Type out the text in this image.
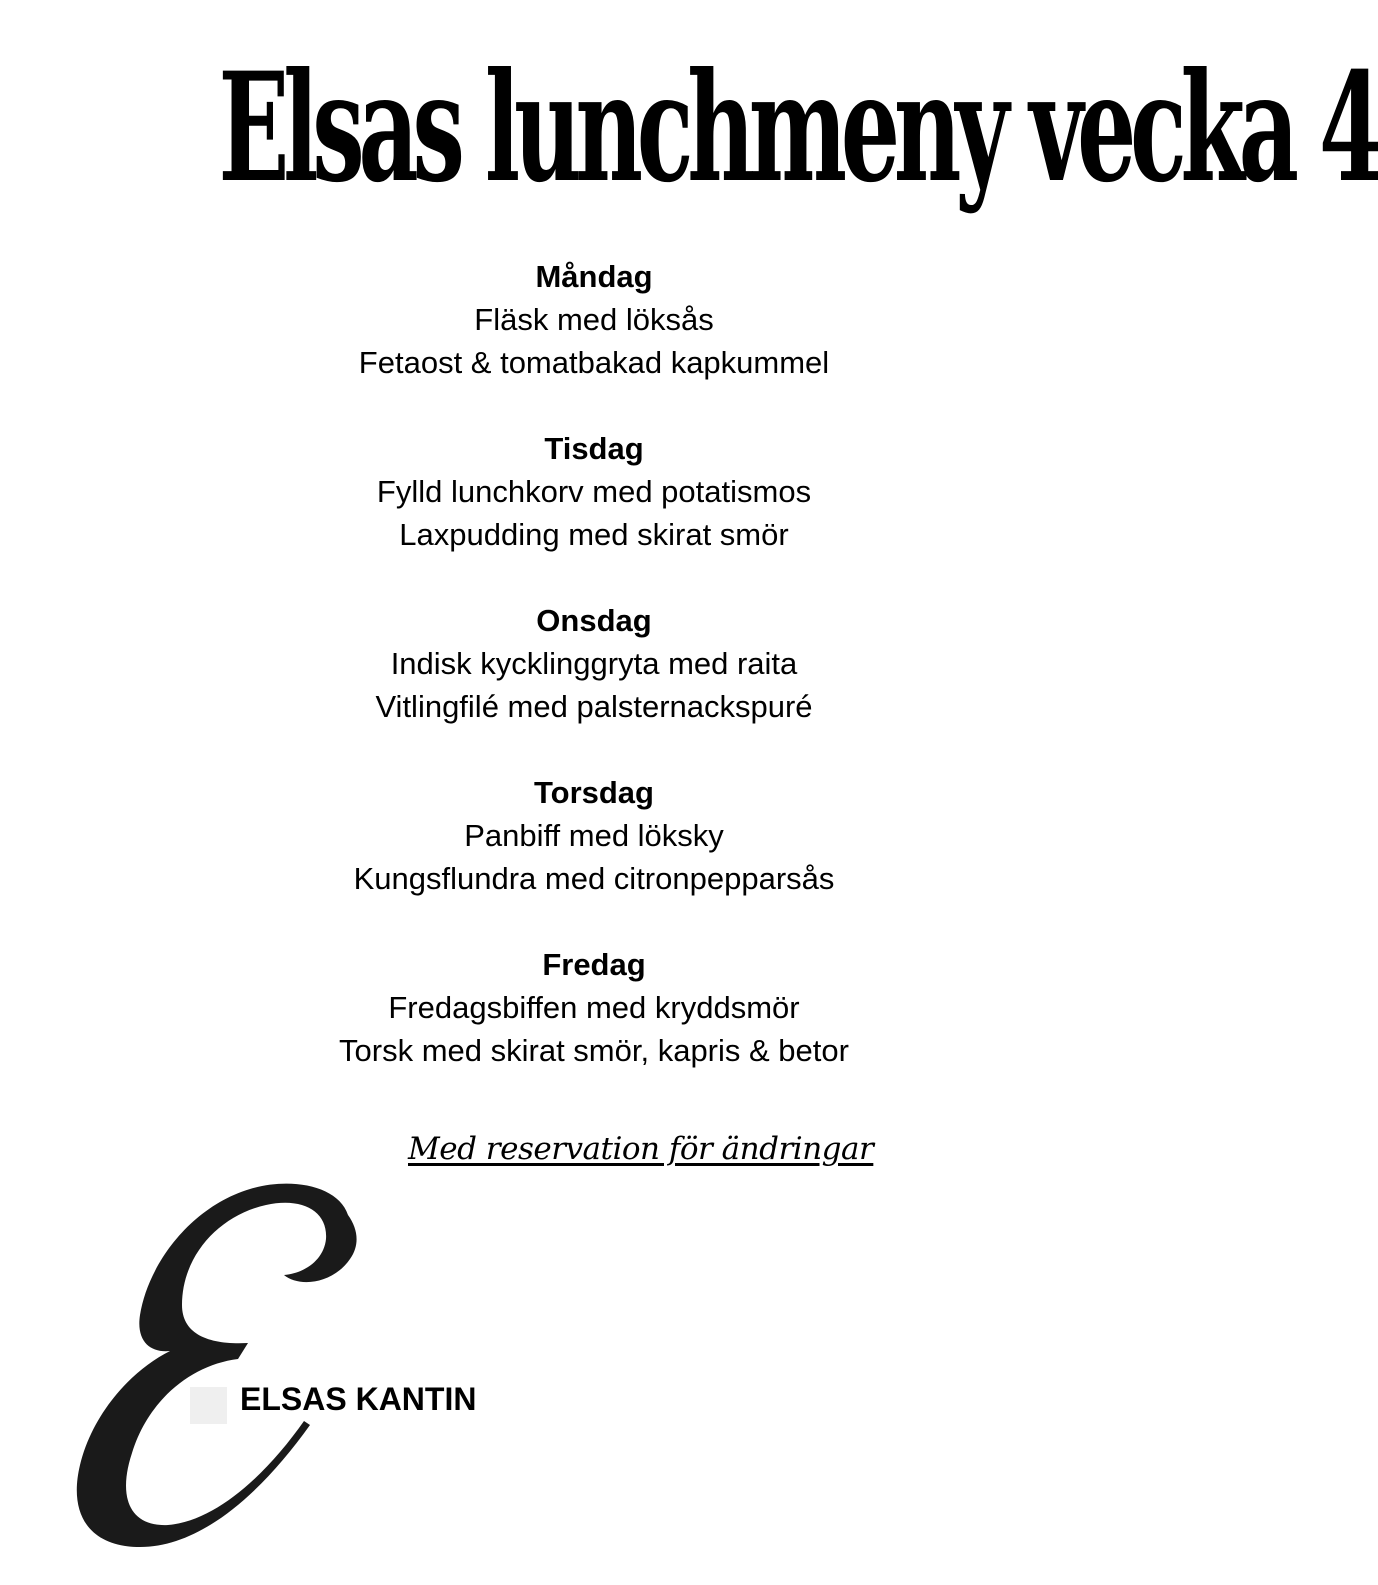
Elsas lunchmeny vecka 4
Måndag
Fläsk med löksås
Fetaost & tomatbakad kapkummel
Tisdag
Fylld lunchkorv med potatismos
Laxpudding med skirat smör
Onsdag
Indisk kycklinggryta med raita
Vitlingfilé med palsternackspuré
Torsdag
Panbiff med löksky
Kungsflundra med citronpepparsås
Fredag
Fredagsbiffen med kryddsmör
Torsk med skirat smör, kapris & betor
Med reservation för ändringar
ELSAS KANTIN
